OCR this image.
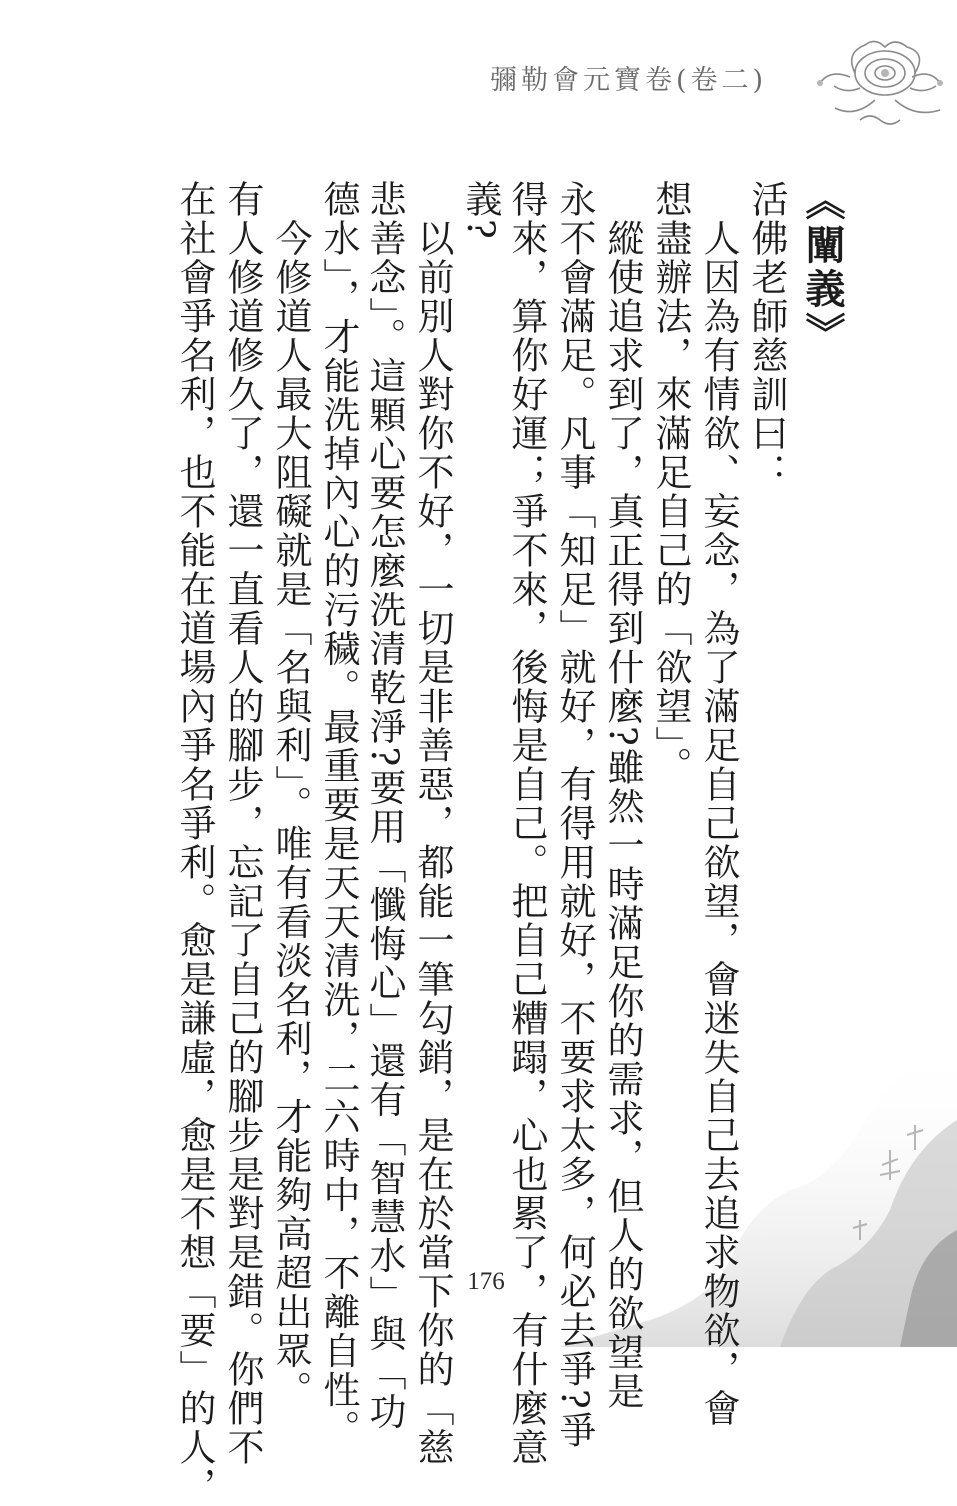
彌勒會元寶卷(卷二)
《闡義》
活佛老師慈訓曰：
　人因為有情欲、妄念，為了滿足自己欲望，會迷失自己去追求物欲，會
想盡辦法，來滿足自己的「欲望」。
　縱使追求到了，真正得到什麼?雖然一時滿足你的需求，但人的欲望是
永不會滿足。凡事「知足」就好，有得用就好，不要求太多，何必去爭?爭
得來，算你好運；爭不來，後悔是自己。把自己糟蹋，心也累了，有什麼意
義?
　以前別人對你不好，一切是非善惡，都能一筆勾銷，是在於當下你的「慈
悲善念」。這顆心要怎麼洗清乾淨?要用「懺悔心」還有「智慧水」與「功
德水」，才能洗掉內心的污穢。最重要是天天清洗，二六時中，不離自性。
　今修道人最大阻礙就是「名與利」。唯有看淡名利，才能夠高超出眾。
有人修道修久了，還一直看人的腳步，忘記了自己的腳步是對是錯。你們不
在社會爭名利，也不能在道場內爭名爭利。愈是謙虛，愈是不想「要」的人，	176
